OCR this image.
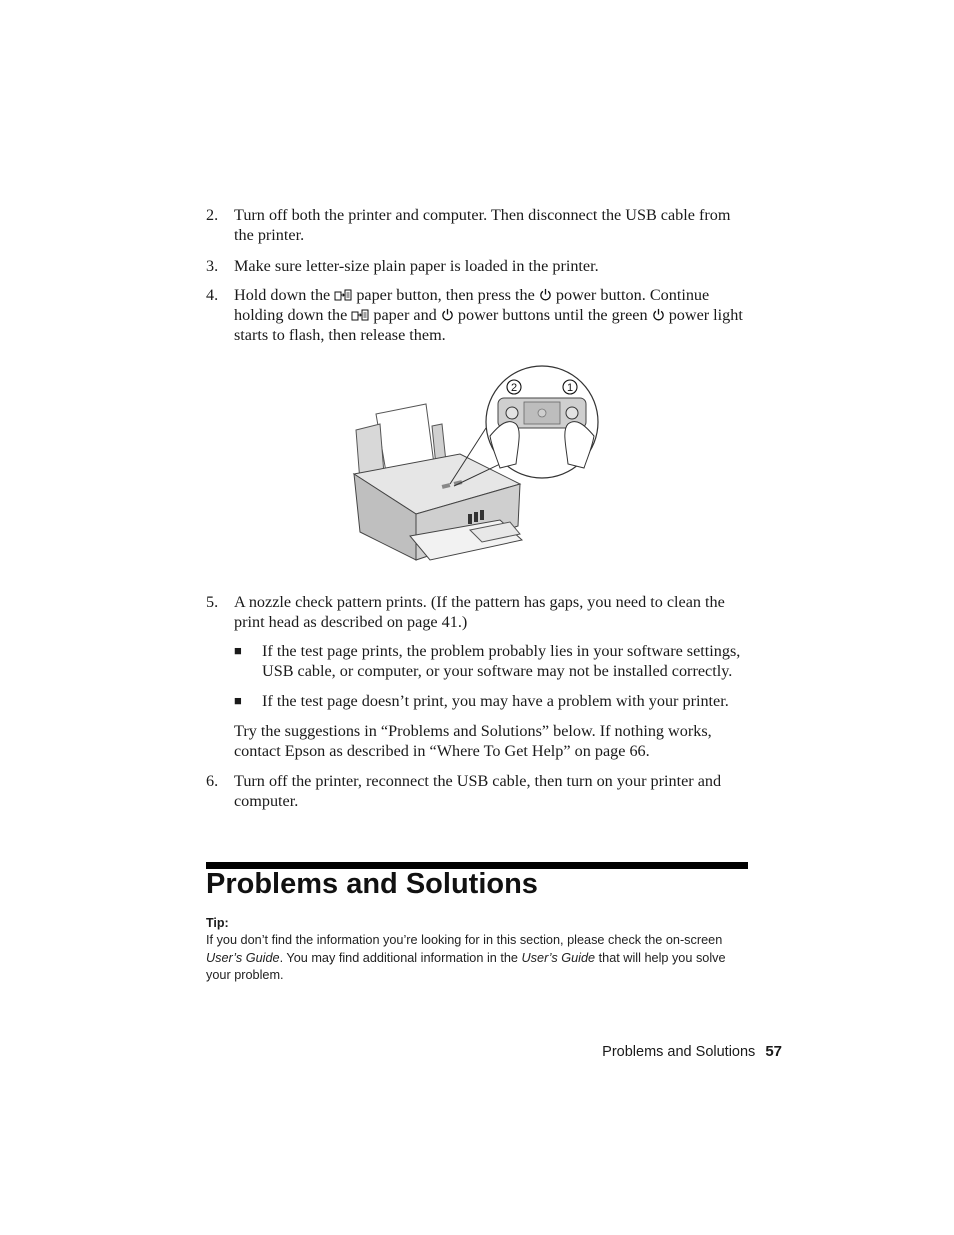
2. Turn off both the printer and computer. Then disconnect the USB cable from the printer.
3. Make sure letter-size plain paper is loaded in the printer.
4. Hold down the paper button, then press the power button. Continue holding down the paper and power buttons until the green power light starts to flash, then release them.
2	1
5. A nozzle check pattern prints. (If the pattern has gaps, you need to clean the print head as described on page 41.)
■ If the test page prints, the problem probably lies in your software settings, USB cable, or computer, or your software may not be installed correctly.
■ If the test page doesn’t print, you may have a problem with your printer.
Try the suggestions in “Problems and Solutions” below. If nothing works, contact Epson as described in “Where To Get Help” on page 66.
6. Turn off the printer, reconnect the USB cable, then turn on your printer and computer.
Problems and Solutions
Tip:
If you don’t find the information you’re looking for in this section, please check the on-screen User’s Guide. You may find additional information in the User’s Guide that will help you solve your problem.
Problems and Solutions 57
